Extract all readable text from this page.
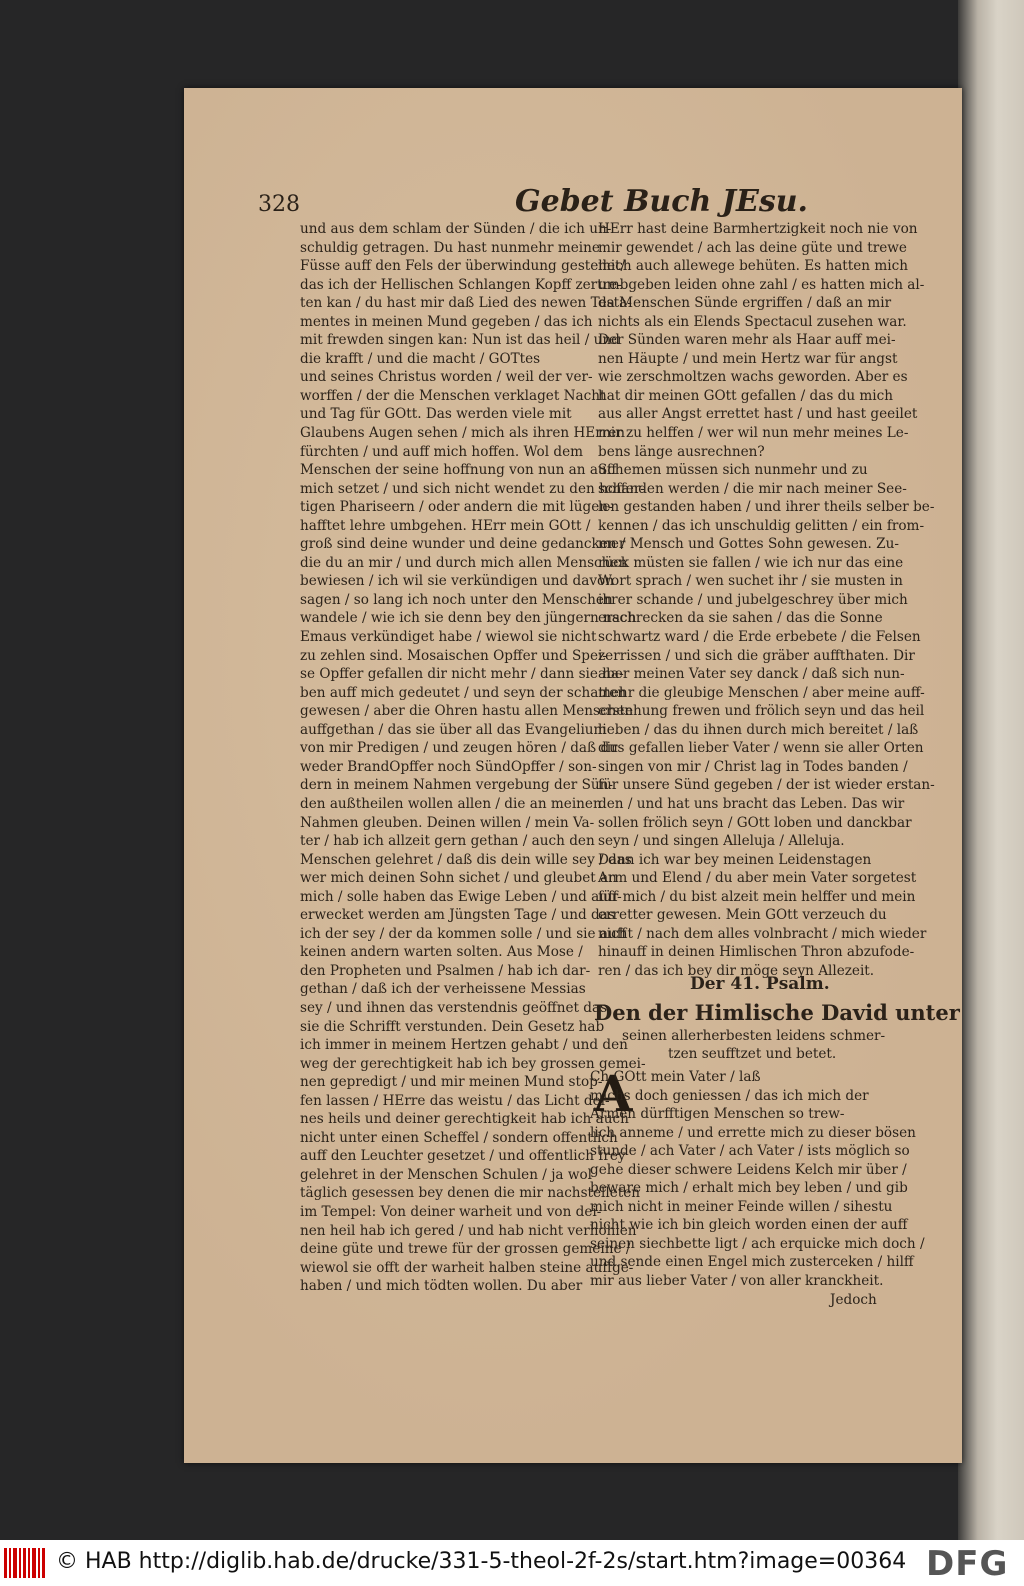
328	Gebet Buch JEsu.
und aus dem schlam der Sünden / die ich un-
schuldig getragen. Du hast nunmehr meine
Füsse auff den Fels der überwindung gestellet/
das ich der Hellischen Schlangen Kopff zertre-
ten kan / du hast mir daß Lied des newen Testa-
mentes in meinen Mund gegeben / das ich
mit frewden singen kan: Nun ist das heil / und
die krafft / und die macht / GOTtes
und seines Christus worden / weil der ver-
worffen / der die Menschen verklaget Nacht
und Tag für GOtt. Das werden viele mit
Glaubens Augen sehen / mich als ihren HErren
fürchten / und auff mich hoffen. Wol dem
Menschen der seine hoffnung von nun an auff
mich setzet / und sich nicht wendet zu den hoffer-
tigen Phariseern / oder andern die mit lügen-
hafftet lehre umbgehen. HErr mein GOtt /
groß sind deine wunder und deine gedancken /
die du an mir / und durch mich allen Menschen
bewiesen / ich wil sie verkündigen und davon
sagen / so lang ich noch unter den Menschen
wandele / wie ich sie denn bey den jüngern nach
Emaus verkündiget habe / wiewol sie nicht
zu zehlen sind. Mosaischen Opffer und Spei-
se Opffer gefallen dir nicht mehr / dann sie ha-
ben auff mich gedeutet / und seyn der schatten
gewesen / aber die Ohren hastu allen Menschen
auffgethan / das sie über all das Evangelium
von mir Predigen / und zeugen hören / daß du
weder BrandOpffer noch SündOpffer / son-
dern in meinem Nahmen vergebung der Sün-
den außtheilen wollen allen / die an meinen
Nahmen gleuben. Deinen willen / mein Va-
ter / hab ich allzeit gern gethan / auch den
Menschen gelehret / daß dis dein wille sey / das
wer mich deinen Sohn sichet / und gleubet an
mich / solle haben das Ewige Leben / und auff-
erwecket werden am Jüngsten Tage / und das
ich der sey / der da kommen solle / und sie auff
keinen andern warten solten. Aus Mose /
den Propheten und Psalmen / hab ich dar-
gethan / daß ich der verheissene Messias
sey / und ihnen das verstendnis geöffnet das
sie die Schrifft verstunden. Dein Gesetz hab
ich immer in meinem Hertzen gehabt / und den
weg der gerechtigkeit hab ich bey grossen gemei-
nen gepredigt / und mir meinen Mund stop-
fen lassen / HErre das weistu / das Licht dei-
nes heils und deiner gerechtigkeit hab ich auch
nicht unter einen Scheffel / sondern offentlich
auff den Leuchter gesetzet / und offentlich frey
gelehret in der Menschen Schulen / ja wol
täglich gesessen bey denen die mir nachstelleten
im Tempel: Von deiner warheit und von dei-
nen heil hab ich gered / und hab nicht verhohlen
deine güte und trewe für der grossen gemeine /
wiewol sie offt der warheit halben steine auffge-
haben / und mich tödten wollen. Du aber
HErr hast deine Barmhertzigkeit noch nie von
mir gewendet / ach las deine güte und trewe
mich auch allewege behüten. Es hatten mich
umbgeben leiden ohne zahl / es hatten mich al-
da Menschen Sünde ergriffen / daß an mir
nichts als ein Elends Spectacul zusehen war.
Der Sünden waren mehr als Haar auff mei-
nen Häupte / und mein Hertz war für angst
wie zerschmoltzen wachs geworden. Aber es
hat dir meinen GOtt gefallen / das du mich
aus aller Angst errettet hast / und hast geeilet
mir zu helffen / wer wil nun mehr meines Le-
bens länge ausrechnen?
Schemen müssen sich nunmehr und zu
schanden werden / die mir nach meiner See-
len gestanden haben / und ihrer theils selber be-
kennen / das ich unschuldig gelitten / ein from-
mer Mensch und Gottes Sohn gewesen. Zu-
rück müsten sie fallen / wie ich nur das eine
Wort sprach / wen suchet ihr / sie musten in
ihrer schande / und jubelgeschrey über mich
erschrecken da sie sahen / das die Sonne
schwartz ward / die Erde erbebete / die Felsen
zerrissen / und sich die gräber auffthaten. Dir
aber meinen Vater sey danck / daß sich nun-
mehr die gleubige Menschen / aber meine auff-
erstehung frewen und frölich seyn und das heil
lieben / das du ihnen durch mich bereitet / laß
dirs gefallen lieber Vater / wenn sie aller Orten
singen von mir / Christ lag in Todes banden /
für unsere Sünd gegeben / der ist wieder erstan-
den / und hat uns bracht das Leben. Das wir
sollen frölich seyn / GOtt loben und danckbar
seyn / und singen Alleluja / Alleluja.
Dann ich war bey meinen Leidenstagen
Arm und Elend / du aber mein Vater sorgetest
für mich / du bist alzeit mein helffer und mein
erretter gewesen. Mein GOtt verzeuch du
nicht / nach dem alles volnbracht / mich wieder
hinauff in deinen Himlischen Thron abzufode-
ren / das ich bey dir möge seyn Allezeit.
Der 41. Psalm.
Den der Himlische David unter
seinen allerherbesten leidens schmer-
tzen seufftzet und betet.
A
Ch GOtt mein Vater / laß
michs doch geniessen / das ich mich der
Armen dürfftigen Menschen so trew-
lich anneme / und errette mich zu dieser bösen
stunde / ach Vater / ach Vater / ists möglich so
gehe dieser schwere Leidens Kelch mir über /
beware mich / erhalt mich bey leben / und gib
mich nicht in meiner Feinde willen / sihestu
nicht wie ich bin gleich worden einen der auff
seinen siechbette ligt / ach erquicke mich doch /
und sende einen Engel mich zusterceken / hilff
mir aus lieber Vater / von aller kranckheit.
Jedoch
© HAB http://diglib.hab.de/drucke/331-5-theol-2f-2s/start.htm?image=00364 DFG
